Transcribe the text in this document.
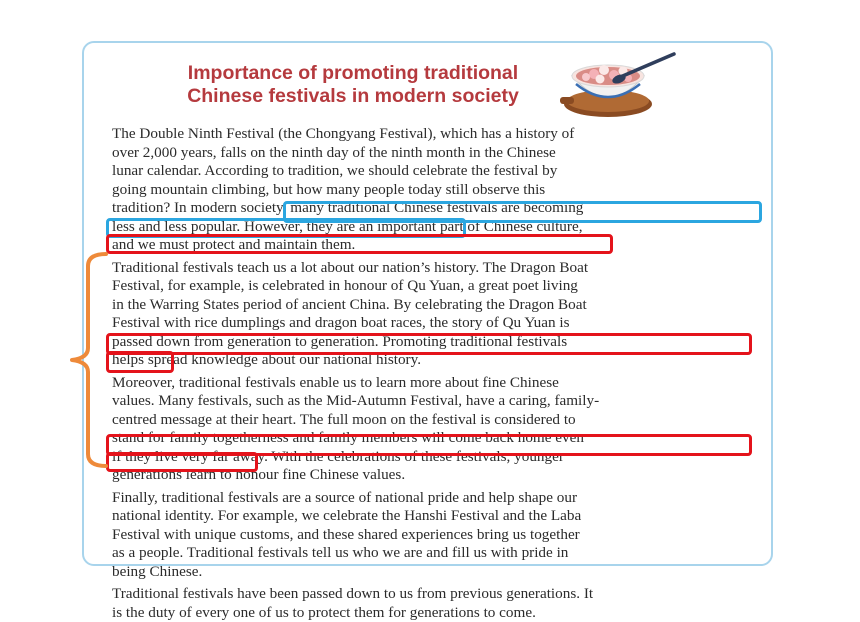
Importance of promoting traditional
Chinese festivals in modern society

The Double Ninth Festival (the Chongyang Festival), which has a history of
over 2,000 years, falls on the ninth day of the ninth month in the Chinese
lunar calendar. According to tradition, we should celebrate the festival by
going mountain climbing, but how many people today still observe this
tradition? In modern society, many traditional Chinese festivals are becoming
less and less popular. However, they are an important part of Chinese culture,
and we must protect and maintain them.

Traditional festivals teach us a lot about our nation’s history. The Dragon Boat
Festival, for example, is celebrated in honour of Qu Yuan, a great poet living
in the Warring States period of ancient China. By celebrating the Dragon Boat
Festival with rice dumplings and dragon boat races, the story of Qu Yuan is
passed down from generation to generation. Promoting traditional festivals
helps spread knowledge about our national history.

Moreover, traditional festivals enable us to learn more about fine Chinese
values. Many festivals, such as the Mid-Autumn Festival, have a caring, family-
centred message at their heart. The full moon on the festival is considered to
stand for family togetherness and family members will come back home even
if they live very far away. With the celebrations of these festivals, younger
generations learn to honour fine Chinese values.

Finally, traditional festivals are a source of national pride and help shape our
national identity. For example, we celebrate the Hanshi Festival and the Laba
Festival with unique customs, and these shared experiences bring us together
as a people. Traditional festivals tell us who we are and fill us with pride in
being Chinese.

Traditional festivals have been passed down to us from previous generations. It
is the duty of every one of us to protect them for generations to come.
